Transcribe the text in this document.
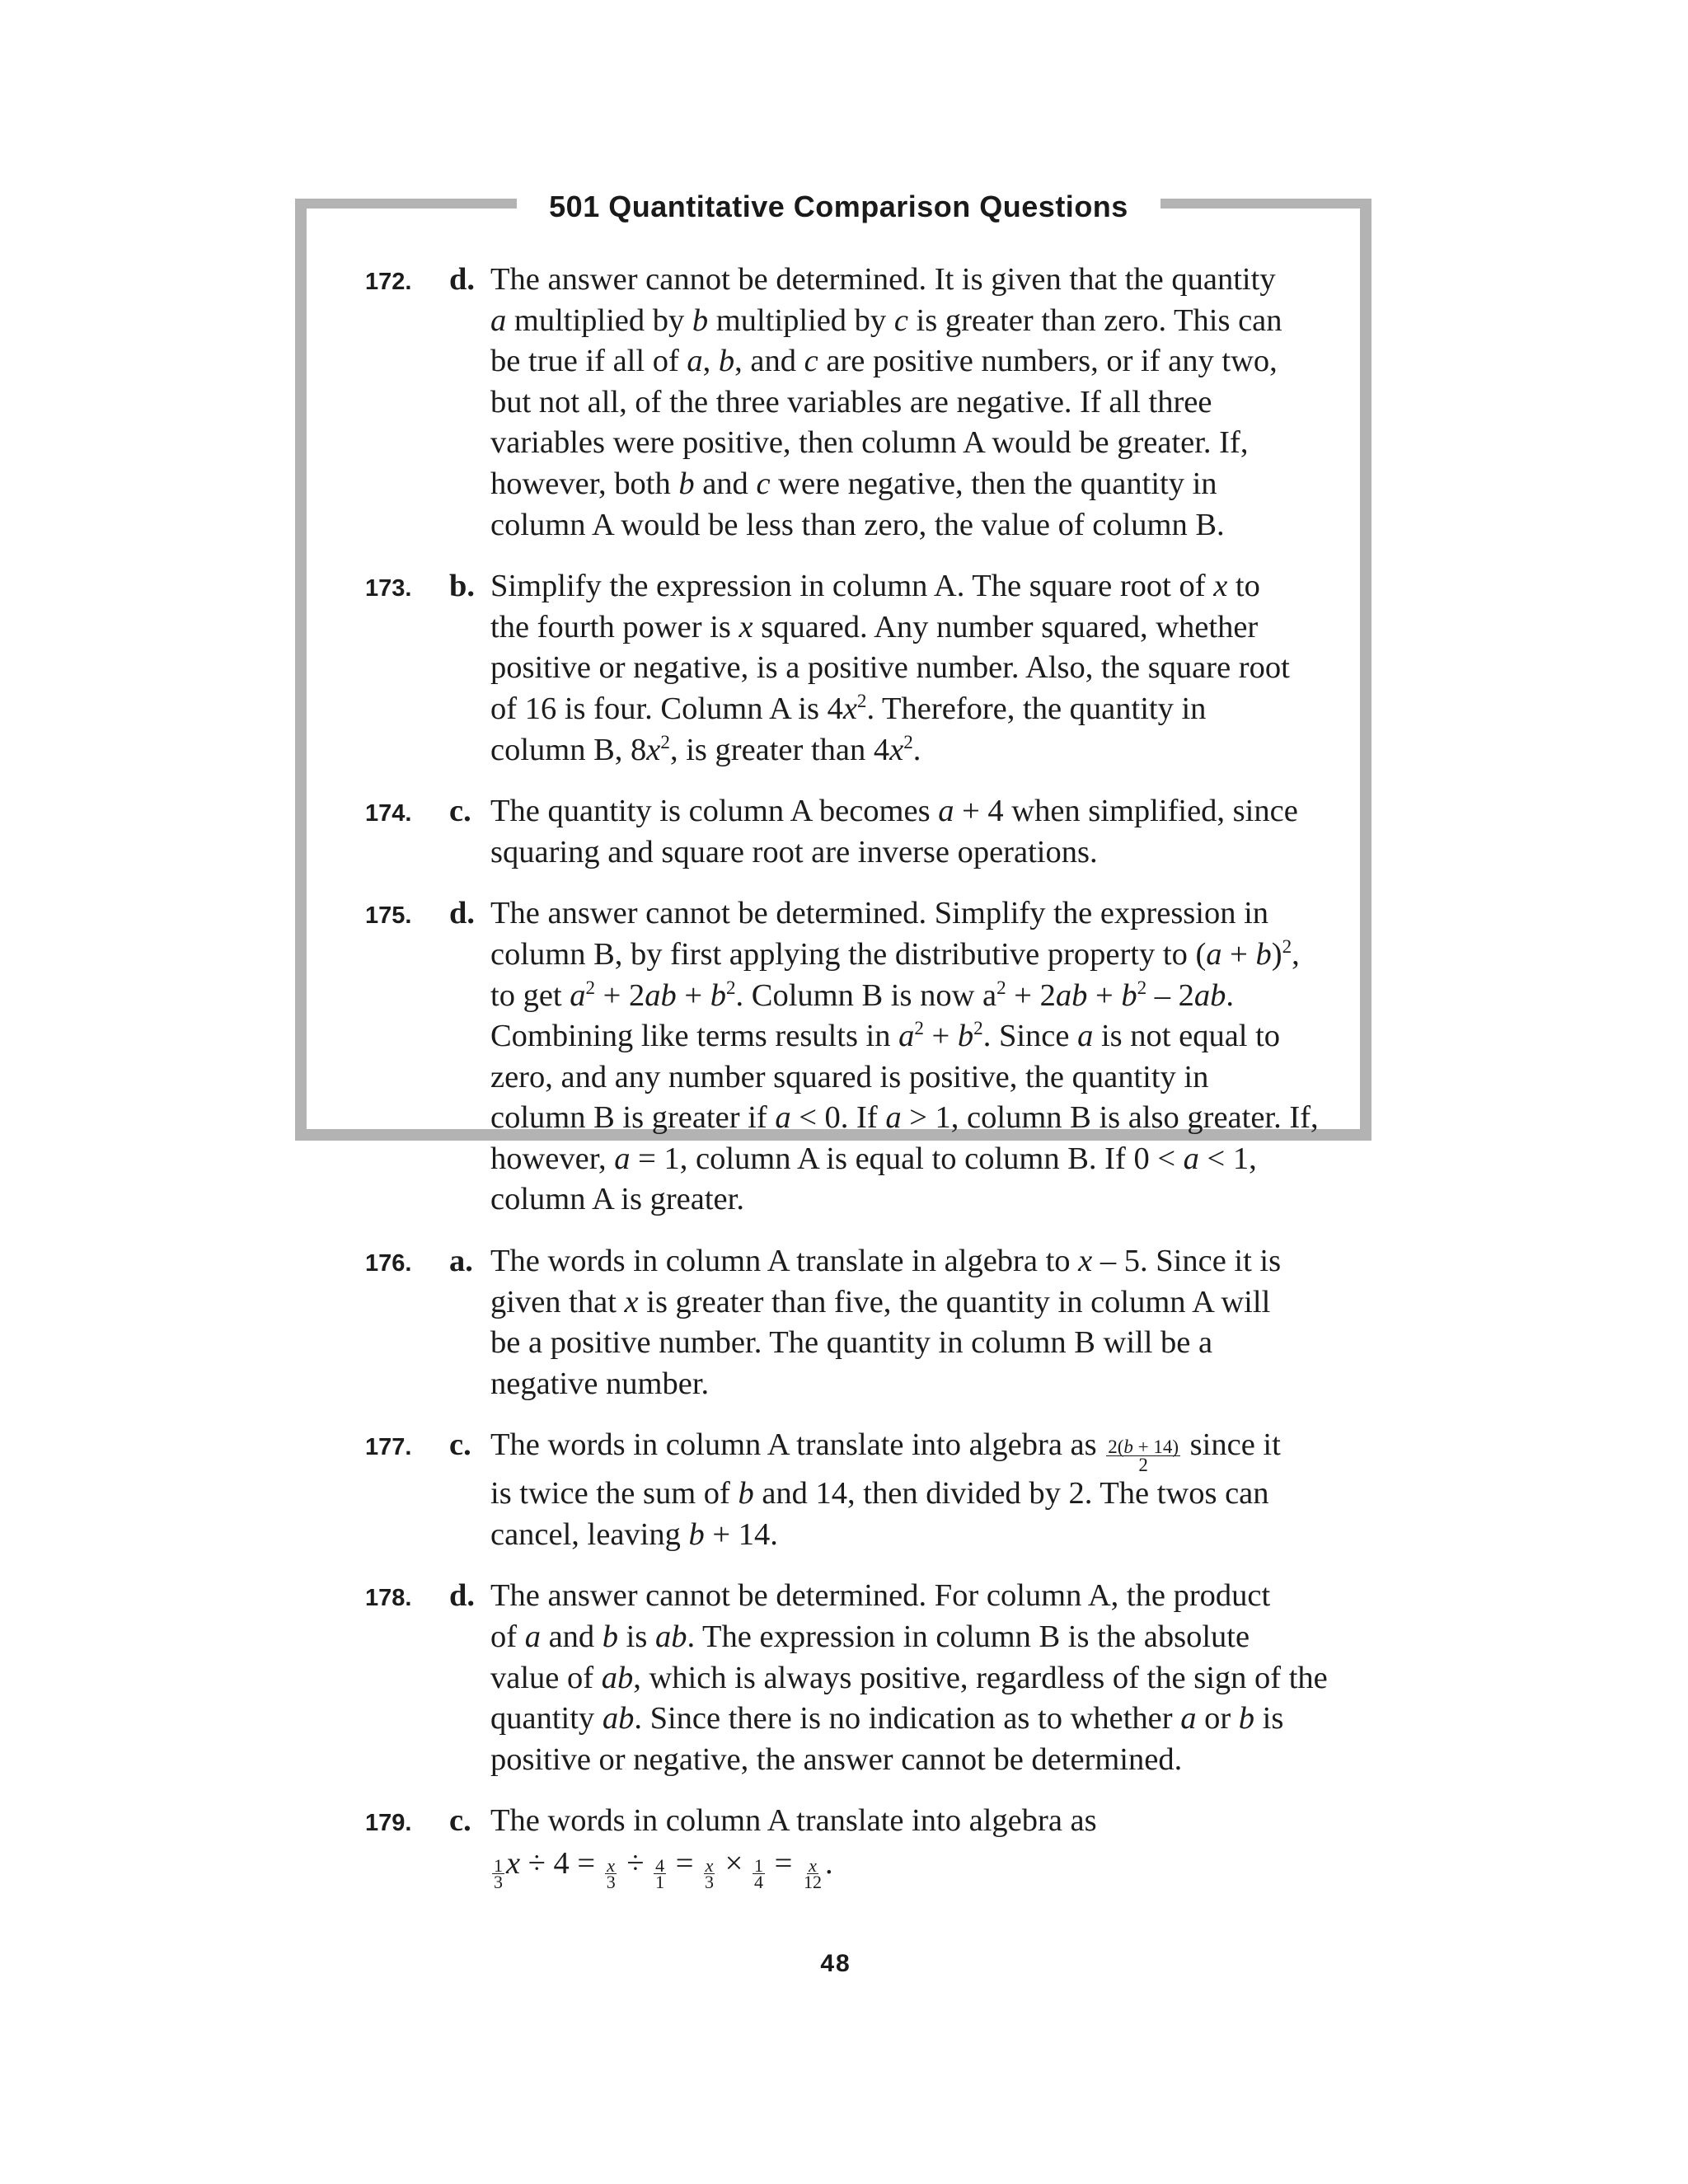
501 Quantitative Comparison Questions
48
172. d. The answer cannot be determined. It is given that the quantity
a multiplied by b multiplied by c is greater than zero. This can
be true if all of a, b, and c are positive numbers, or if any two,
but not all, of the three variables are negative. If all three
variables were positive, then column A would be greater. If,
however, both b and c were negative, then the quantity in
column A would be less than zero, the value of column B.
173. b. Simplify the expression in column A. The square root of x to
the fourth power is x squared. Any number squared, whether
positive or negative, is a positive number. Also, the square root
of 16 is four. Column A is $4x^2$. Therefore, the quantity in
column B, $8x^2$, is greater than $4x^2$.
174. c. The quantity is column A becomes a + 4 when simplified, since
squaring and square root are inverse operations.
175. d. The answer cannot be determined. Simplify the expression in
column B, by first applying the distributive property to $(a + b)^2$,
to get $a^2 + 2ab + b^2$. Column B is now $a^2 + 2ab + b^2 - 2ab$.
Combining like terms results in $a^2 + b^2$. Since a is not equal to
zero, and any number squared is positive, the quantity in
column B is greater if a < 0. If a > 1, column B is also greater. If,
however, a = 1, column A is equal to column B. If 0 < a < 1,
column A is greater.
176. a. The words in column A translate in algebra to x – 5. Since it is
given that x is greater than five, the quantity in column A will
be a positive number. The quantity in column B will be a
negative number.
177. c. The words in column A translate into algebra as $\frac{2(b + 14)}{2}$ since it
is twice the sum of b and 14, then divided by 2. The twos can
cancel, leaving b + 14.
178. d. The answer cannot be determined. For column A, the product
of a and b is ab. The expression in column B is the absolute
value of ab, which is always positive, regardless of the sign of the
quantity ab. Since there is no indication as to whether a or b is
positive or negative, the answer cannot be determined.
179. c. The words in column A translate into algebra as
$\frac{1}{3}$ $x \div 4 = \frac{x}{3} \div \frac{4}{1} = \frac{x}{3} \times \frac{1}{4} = \frac{x}{12}$ .
